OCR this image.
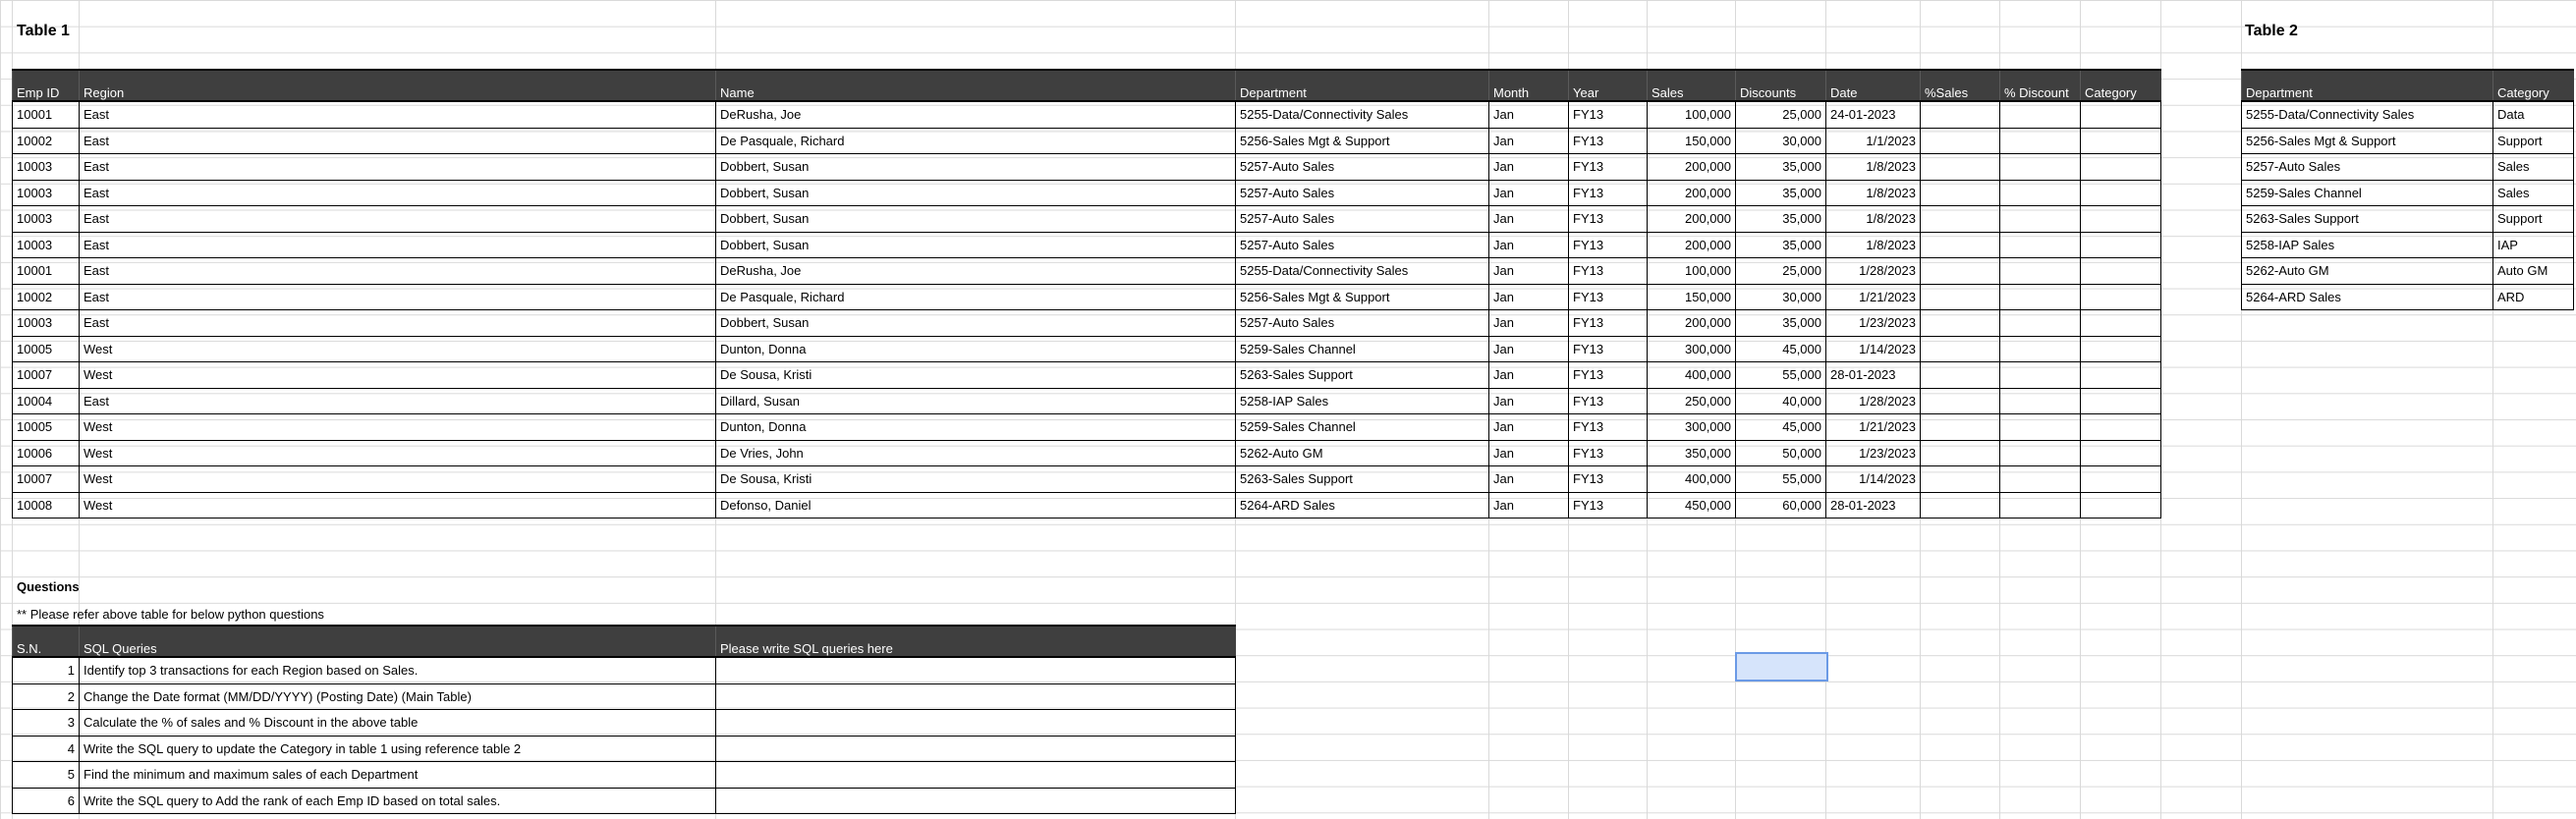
Table 1
Emp ID	Region	Name	Department	Month	Year	Sales	Discounts	Date	%Sales	% Discount	Category
10001	East	DeRusha, Joe	5255-Data/Connectivity Sales	Jan	FY13	100,000	25,000	24-01-2023			
10002	East	De Pasquale, Richard	5256-Sales Mgt & Support	Jan	FY13	150,000	30,000	1/1/2023			
10003	East	Dobbert, Susan	5257-Auto Sales	Jan	FY13	200,000	35,000	1/8/2023			
10003	East	Dobbert, Susan	5257-Auto Sales	Jan	FY13	200,000	35,000	1/8/2023			
10003	East	Dobbert, Susan	5257-Auto Sales	Jan	FY13	200,000	35,000	1/8/2023			
10003	East	Dobbert, Susan	5257-Auto Sales	Jan	FY13	200,000	35,000	1/8/2023			
10001	East	DeRusha, Joe	5255-Data/Connectivity Sales	Jan	FY13	100,000	25,000	1/28/2023			
10002	East	De Pasquale, Richard	5256-Sales Mgt & Support	Jan	FY13	150,000	30,000	1/21/2023			
10003	East	Dobbert, Susan	5257-Auto Sales	Jan	FY13	200,000	35,000	1/23/2023			
10005	West	Dunton, Donna	5259-Sales Channel	Jan	FY13	300,000	45,000	1/14/2023			
10007	West	De Sousa, Kristi	5263-Sales Support	Jan	FY13	400,000	55,000	28-01-2023			
10004	East	Dillard, Susan	5258-IAP Sales	Jan	FY13	250,000	40,000	1/28/2023			
10005	West	Dunton, Donna	5259-Sales Channel	Jan	FY13	300,000	45,000	1/21/2023			
10006	West	De Vries, John	5262-Auto GM	Jan	FY13	350,000	50,000	1/23/2023			
10007	West	De Sousa, Kristi	5263-Sales Support	Jan	FY13	400,000	55,000	1/14/2023			
10008	West	Defonso, Daniel	5264-ARD Sales	Jan	FY13	450,000	60,000	28-01-2023			
Table 2
Department	Category
5255-Data/Connectivity Sales	Data
5256-Sales Mgt & Support	Support
5257-Auto Sales	Sales
5259-Sales Channel	Sales
5263-Sales Support	Support
5258-IAP Sales	IAP
5262-Auto GM	Auto GM
5264-ARD Sales	ARD
Questions
** Please refer above table for below python questions
S.N.	SQL Queries	Please write SQL queries here
1	Identify top 3 transactions for each Region based on Sales.	
2	Change the Date format (MM/DD/YYYY) (Posting Date) (Main Table)	
3	Calculate the % of sales and % Discount in the above table	
4	Write the SQL query to update the Category in table 1 using reference table 2	
5	Find the minimum and maximum sales of each Department	
6	Write the SQL query to Add the rank of each Emp ID based on total sales.	
